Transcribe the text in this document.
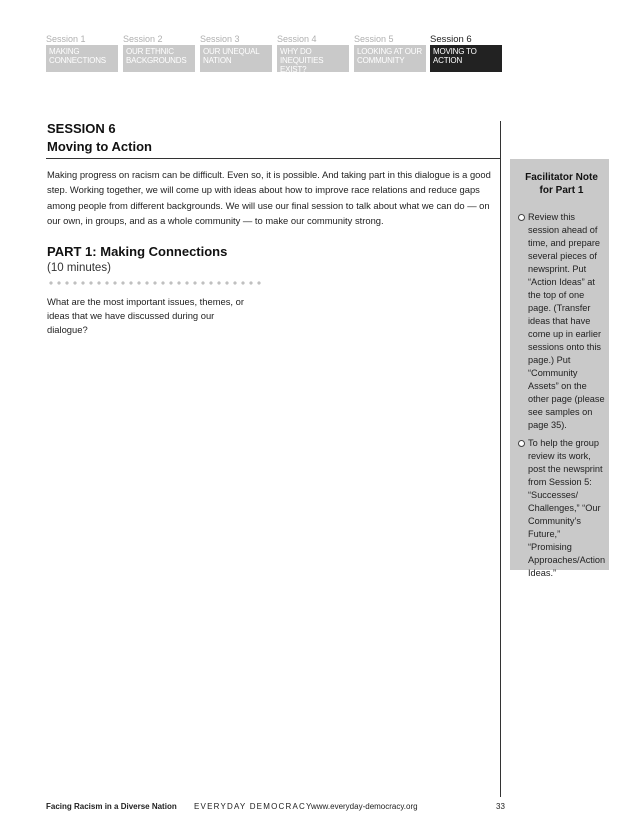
Session 1
MAKING CONNECTIONS
Session 2
OUR ETHNIC BACKGROUNDS
Session 3
OUR UNEQUAL NATION
Session 4
WHY DO INEQUITIES EXIST?
Session 5
LOOKING AT OUR COMMUNITY
Session 6
MOVING TO ACTION
SESSION 6
Moving to Action
Making progress on racism can be difficult. Even so, it is possible. And taking part in this dialogue is a good step. Working together, we will come up with ideas about how to improve race relations and reduce gaps among people from different backgrounds. We will use our final session to talk about what we can do — on our own, in groups, and as a whole community — to make our community strong.
PART 1: Making Connections
(10 minutes)
What are the most important issues, themes, or ideas that we have discussed during our dialogue?
Facilitator Note for Part 1
Review this session ahead of time, and prepare several pieces of newsprint. Put “Action Ideas” at the top of one page. (Transfer ideas that have come up in earlier sessions onto this page.) Put “Community Assets” on the other page (please see samples on page 35).
To help the group review its work, post the newsprint from Session 5: “Successes/ Challenges,” “Our Community’s Future,” “Promising Approaches/Action Ideas.”
Facing Racism in a Diverse Nation EVERYDAY DEMOCRACY
www.everyday-democracy.org	33
